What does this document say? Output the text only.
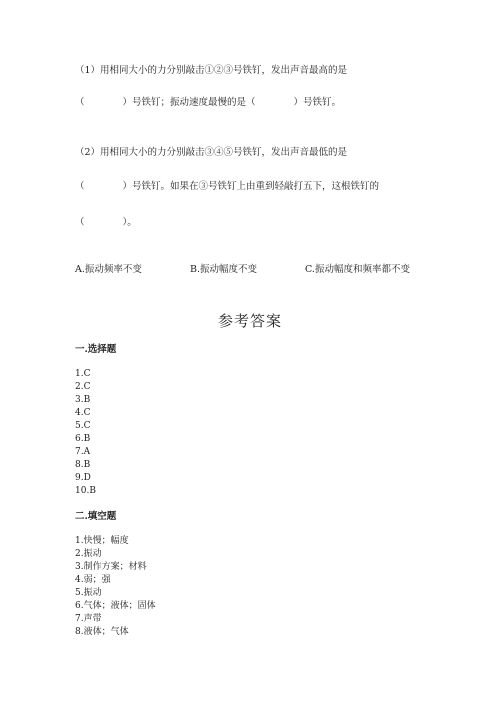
（1）用相同大小的力分别敲击①②③号铁钉，发出声音最高的是
（　　　　）号铁钉；振动速度最慢的是（　　　　）号铁钉。
（2）用相同大小的力分别敲击③④⑤号铁钉，发出声音最低的是
（　　　　）号铁钉。如果在③号铁钉上由重到轻敲打五下，这根铁钉的
（　　　　）。
A.振动频率不变	B.振动幅度不变	C.振动幅度和频率都不变
参考答案
一.选择题
1.C
2.C
3.B
4.C
5.C
6.B
7.A
8.B
9.D
10.B
二.填空题
1.快慢；幅度
2.振动
3.制作方案；材料
4.弱；强
5.振动
6.气体；液体；固体
7.声带
8.液体；气体
